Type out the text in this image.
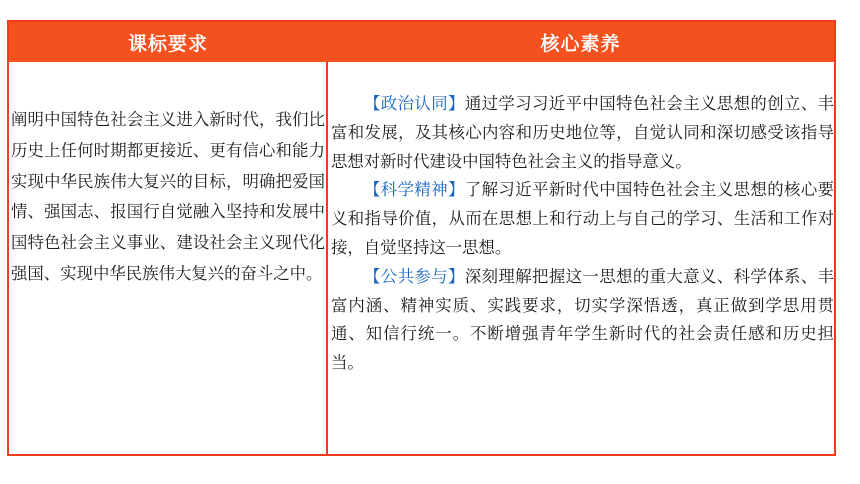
课标要求	核心素养
阐明中国特色社会主义进入新时代，我们比历史上任何时期都更接近、更有信心和能力实现中华民族伟大复兴的目标，明确把爱国情、强国志、报国行自觉融入坚持和发展中国特色社会主义事业、建设社会主义现代化强国、实现中华民族伟大复兴的奋斗之中。

【政治认同】通过学习习近平中国特色社会主义思想的创立、丰富和发展，及其核心内容和历史地位等，自觉认同和深切感受该指导思想对新时代建设中国特色社会主义的指导意义。

【科学精神】了解习近平新时代中国特色社会主义思想的核心要义和指导价值，从而在思想上和行动上与自己的学习、生活和工作对接，自觉坚持这一思想。

【公共参与】深刻理解把握这一思想的重大意义、科学体系、丰富内涵、精神实质、实践要求，切实学深悟透，真正做到学思用贯通、知信行统一。不断增强青年学生新时代的社会责任感和历史担当。
